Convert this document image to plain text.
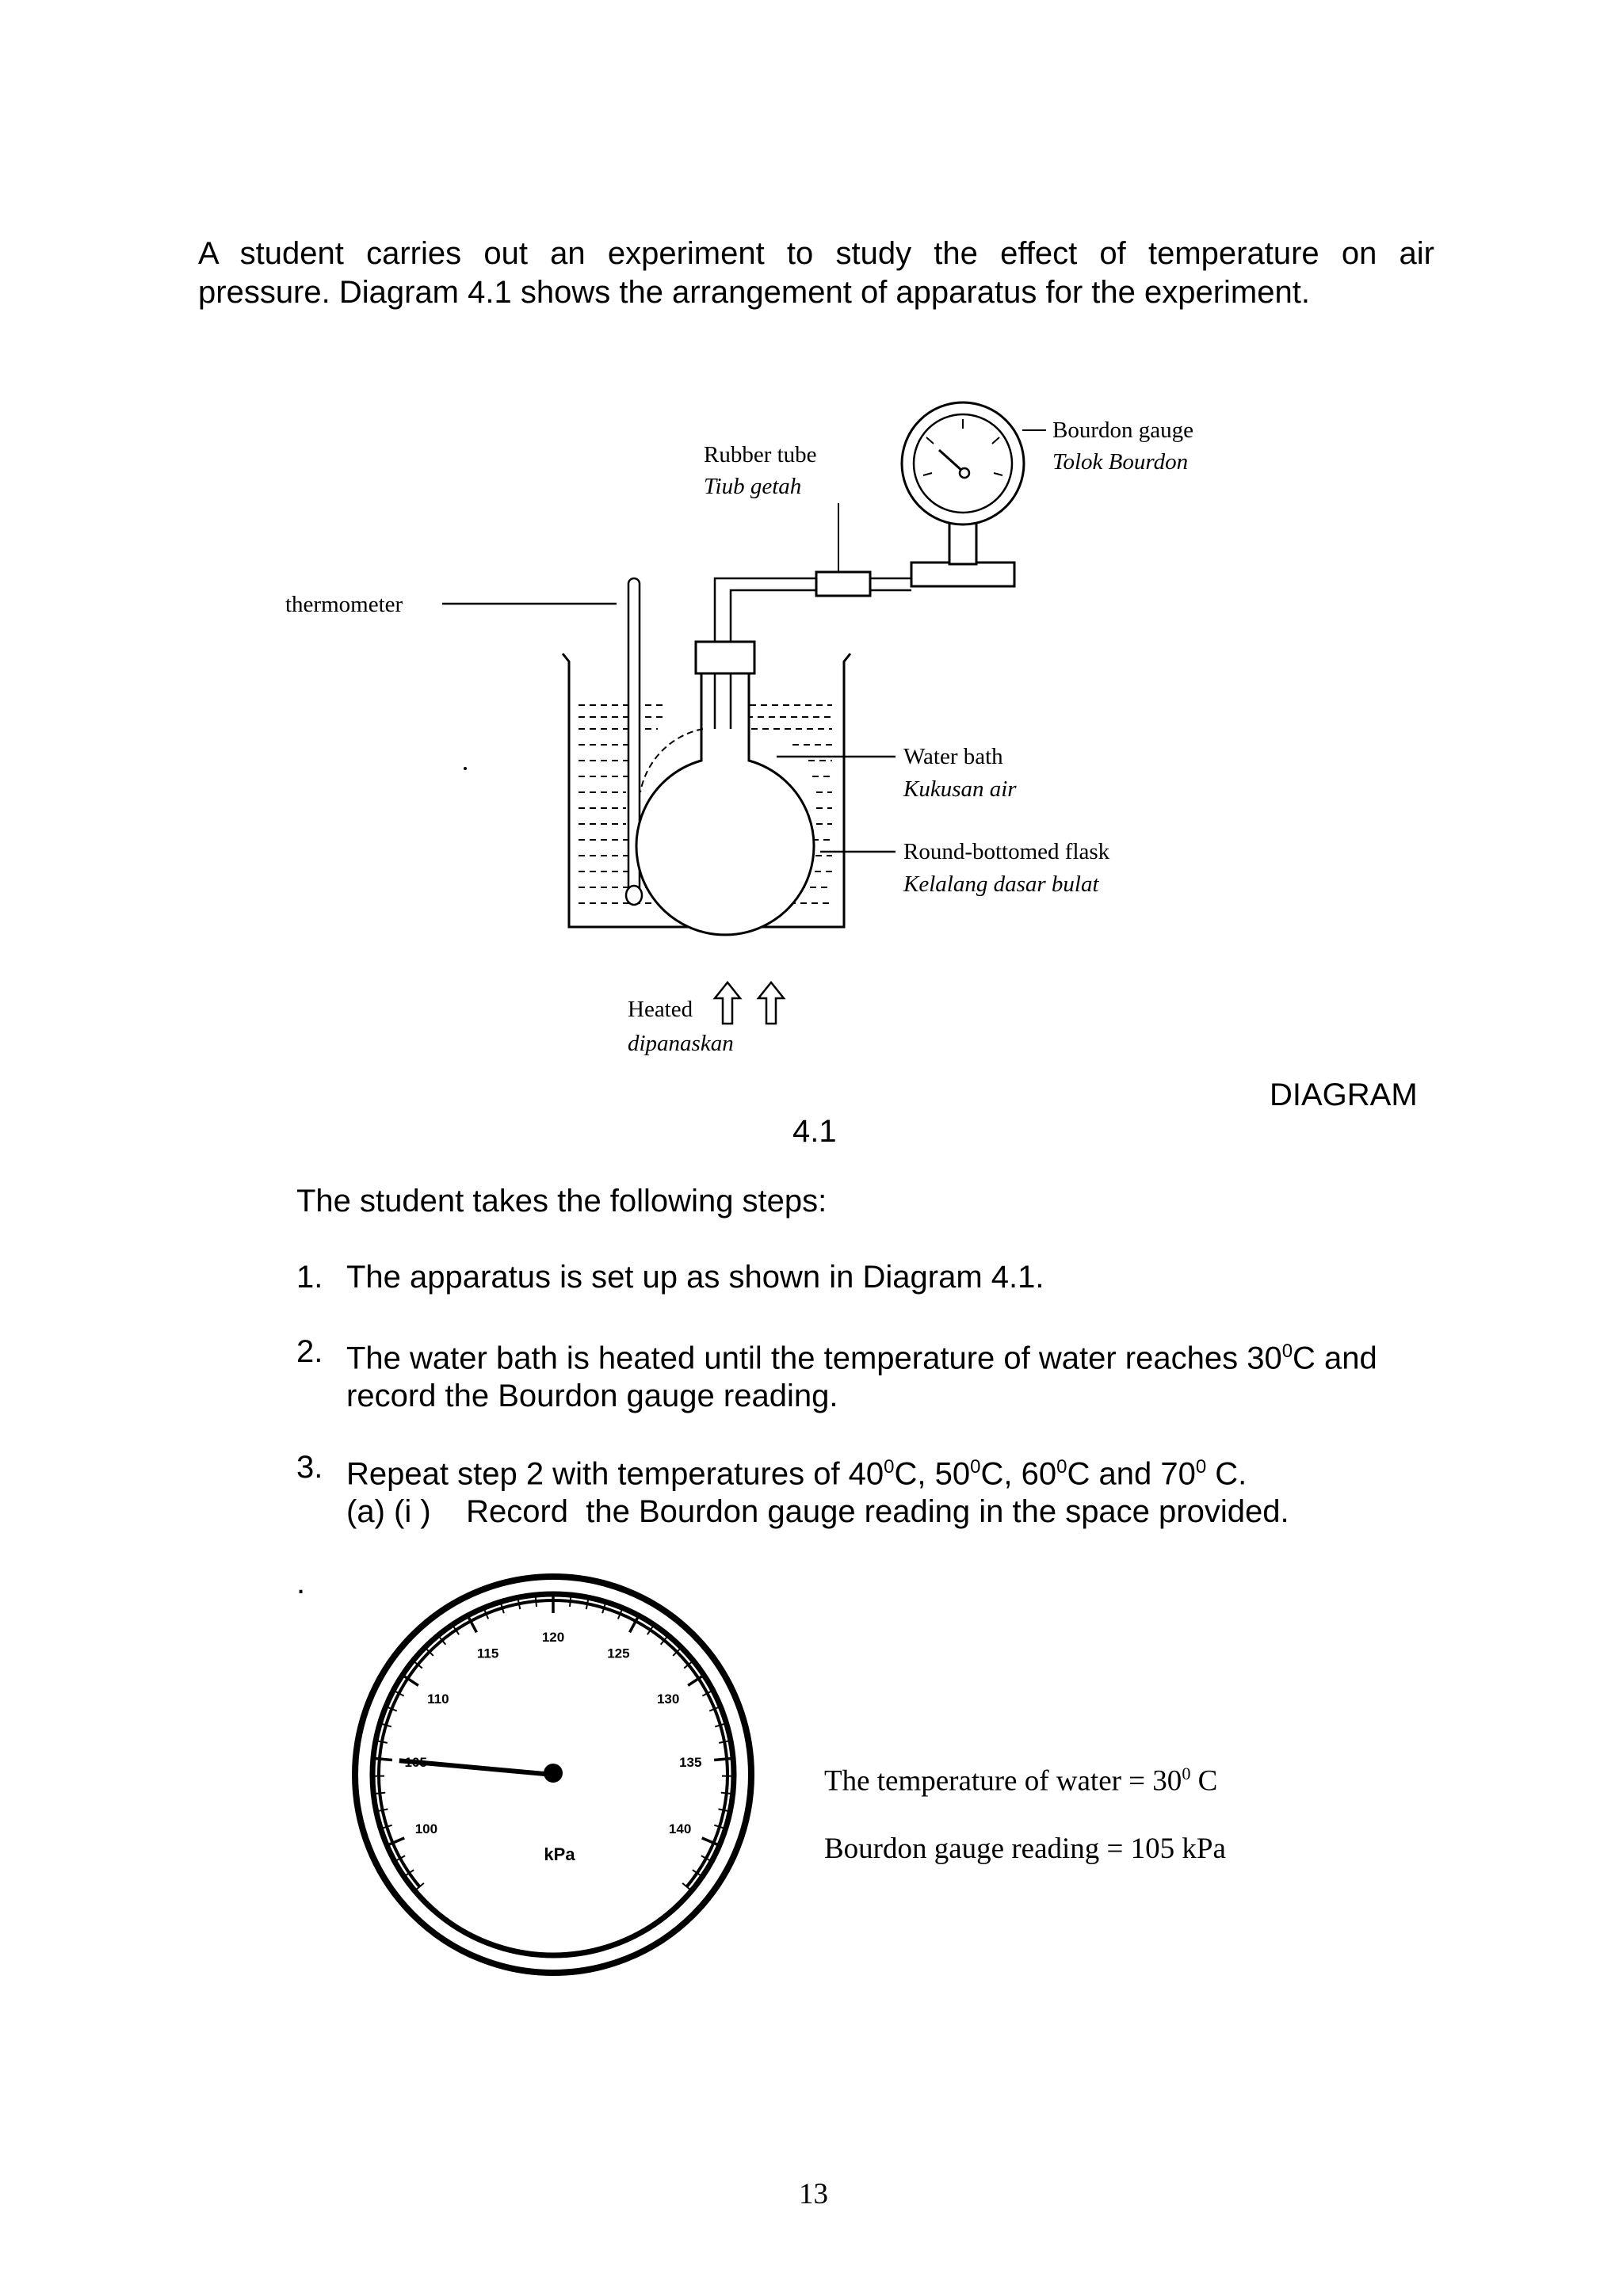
A student carries out an experiment to study the effect of temperature on air
pressure. Diagram 4.1 shows the arrangement of apparatus for the experiment.
Bourdon gauge
Tolok Bourdon
Rubber tube
Tiub getah
thermometer
Water bath
Kukusan air
Round-bottomed flask
Kelalang dasar bulat
Heated
dipanaskan
DIAGRAM
4.1
The student takes the following steps:
1. The apparatus is set up as shown in Diagram 4.1.
2. The water bath is heated until the temperature of water reaches $30^0C$ and
record the Bourdon gauge reading.
3. Repeat step 2 with temperatures of $40^0C$, $50^0C$, $60^0C$ and $70^0$ C.
(a) (i )    Record  the Bourdon gauge reading in the space provided.
.
100
110
115
120
125
130
135
140
kPa
The temperature of water = $30^0$ C
Bourdon gauge reading = 105 kPa
13
